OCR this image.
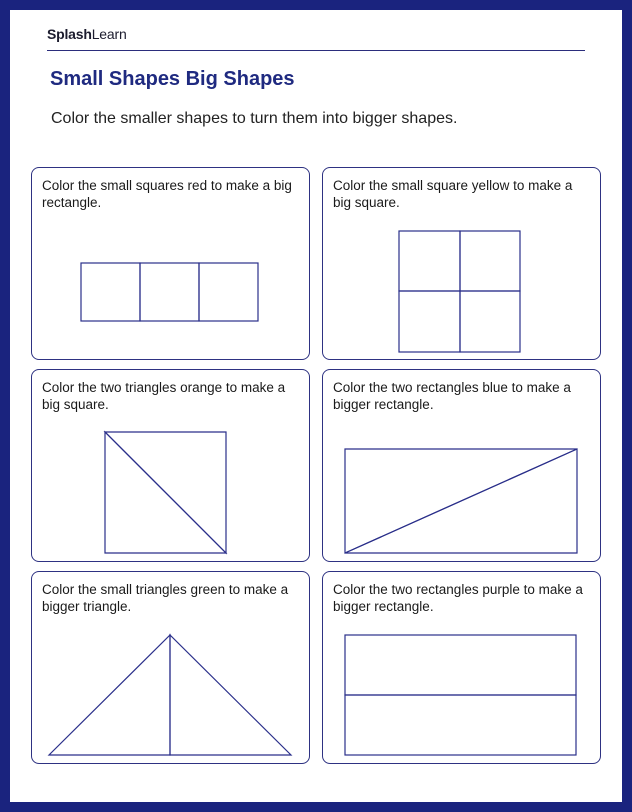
SplashLearn
Small Shapes Big Shapes

Color the smaller shapes to turn them into bigger shapes.

Color the small squares red to make a big rectangle.

Color the small square yellow to make a big square.

Color the two triangles orange to make a big square.

Color the two rectangles blue to make a bigger rectangle.

Color the small triangles green to make a bigger triangle.

Color the two rectangles purple to make a bigger rectangle.
